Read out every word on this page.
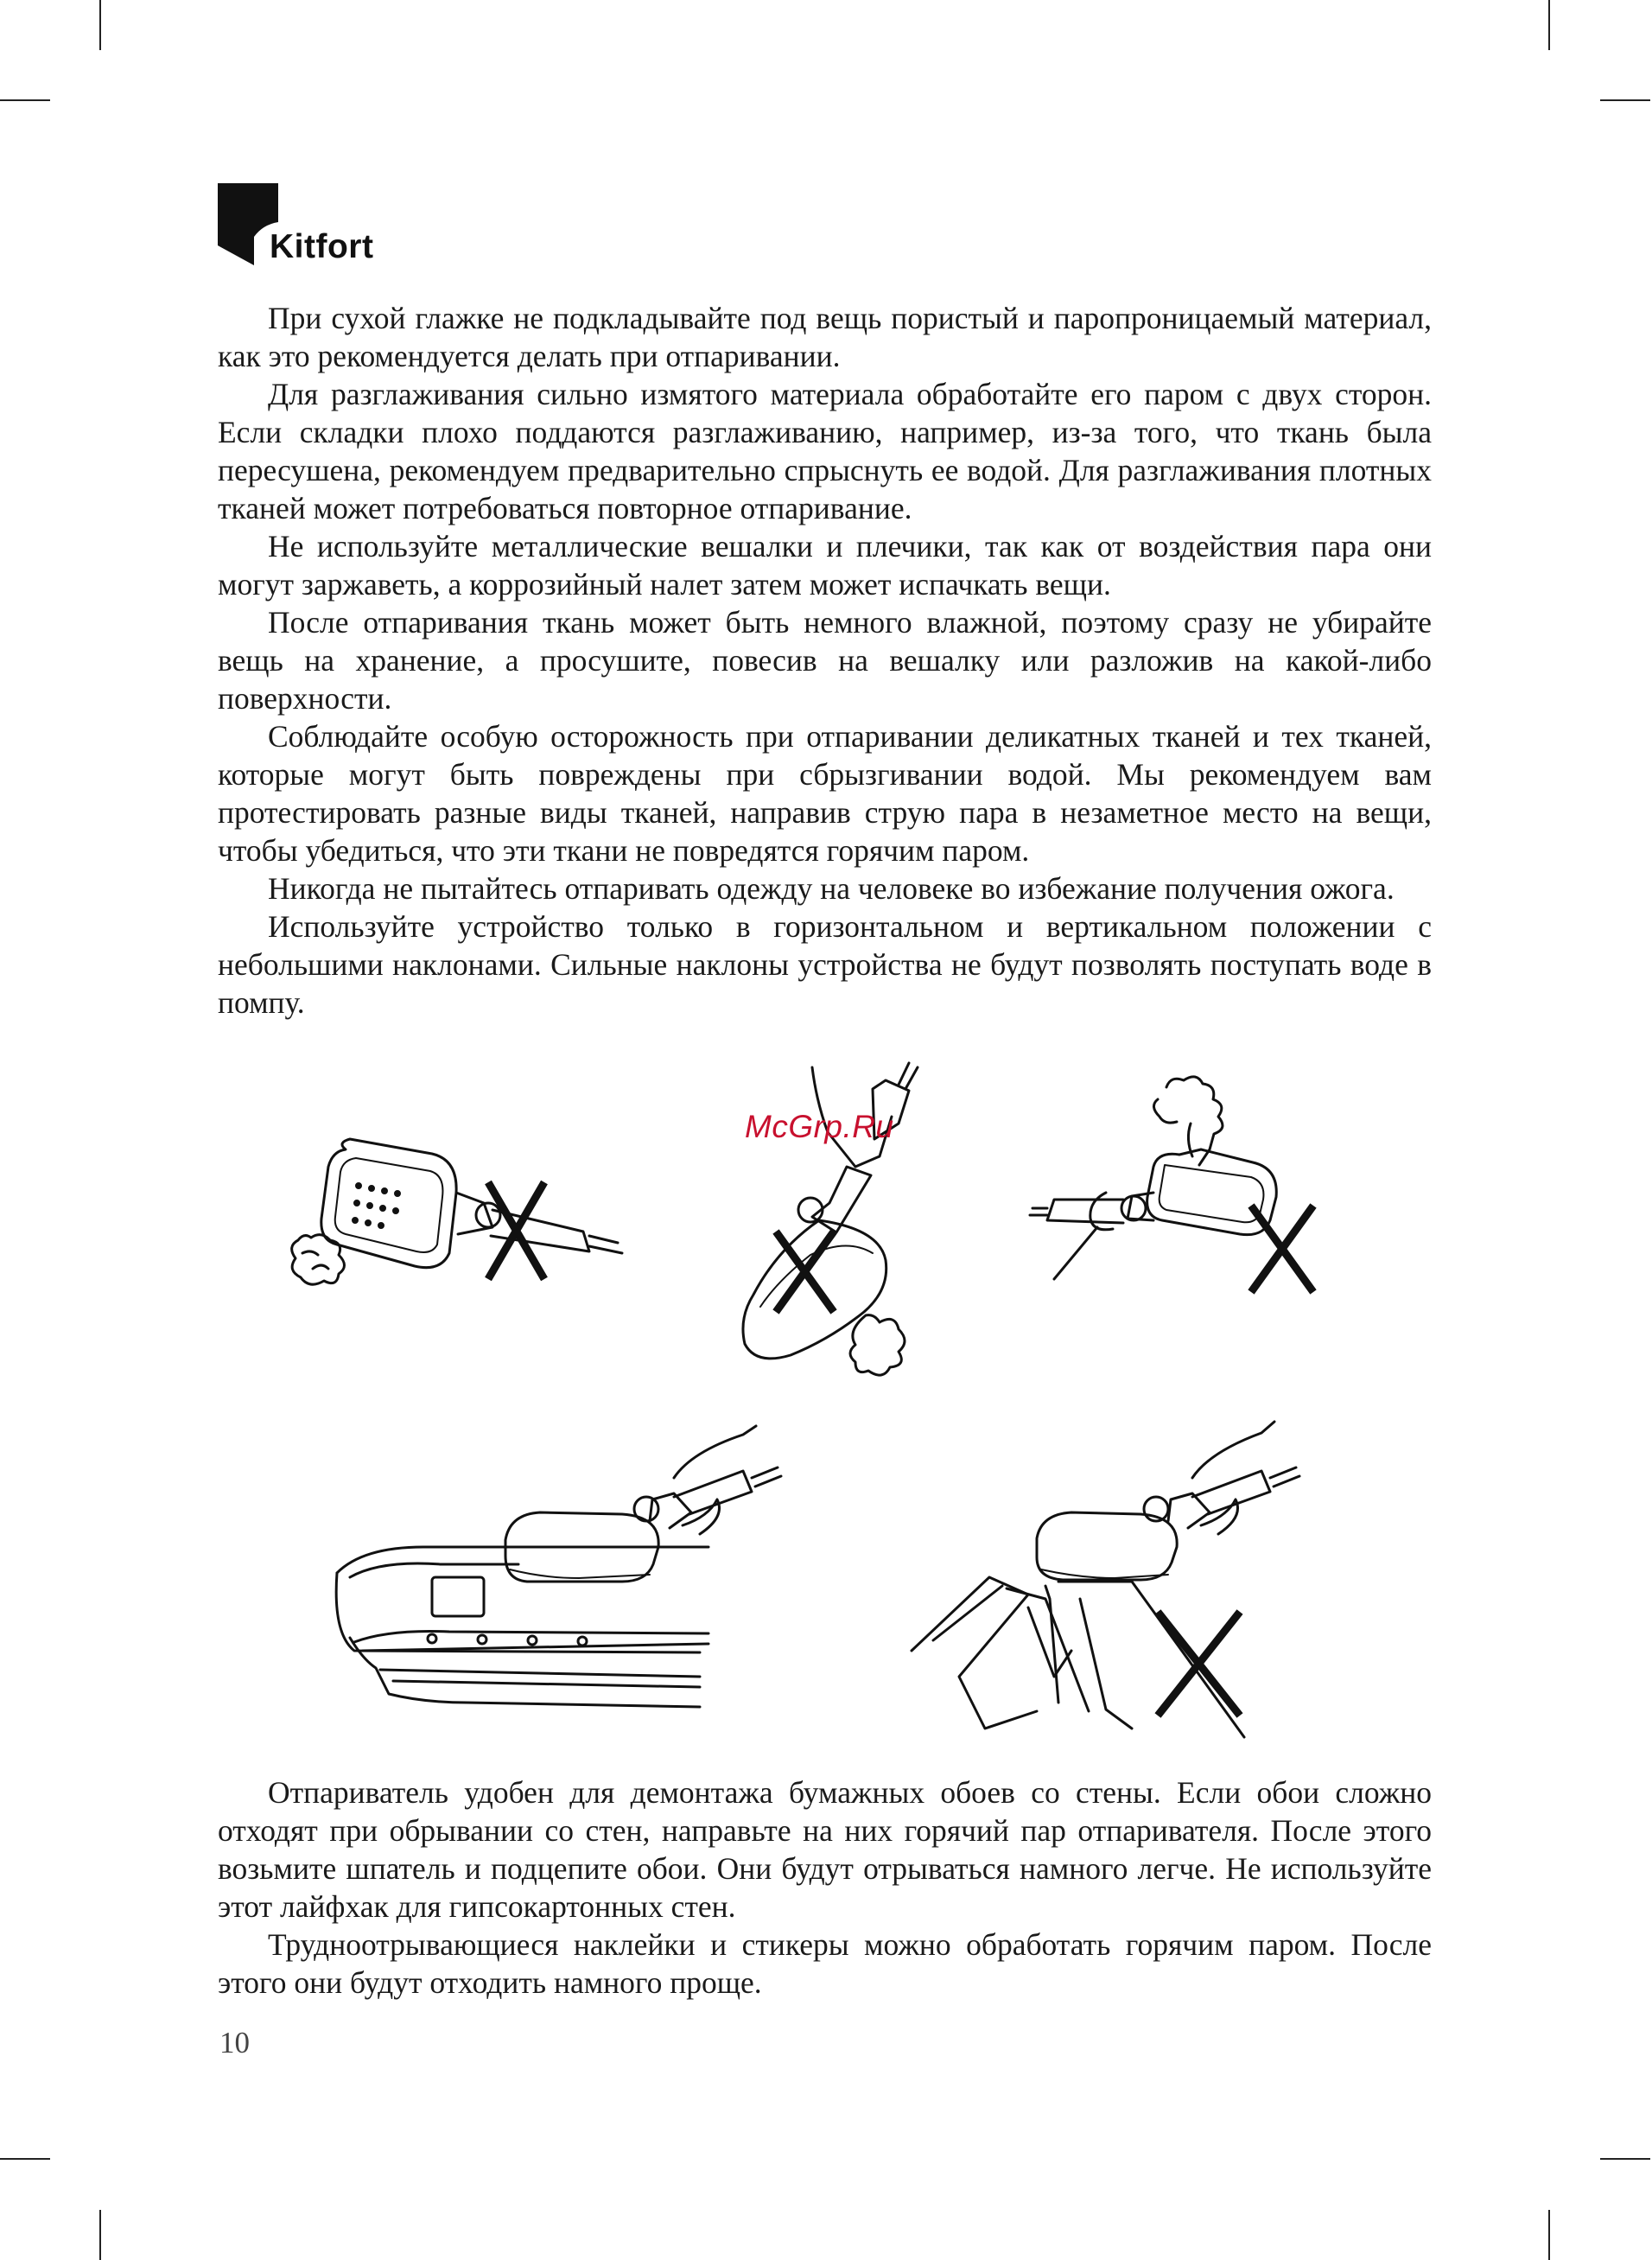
Kitfort

При сухой глажке не подкладывайте под вещь пористый и паропроницаемый материал, как это рекомендуется делать при отпаривании.

Для разглаживания сильно измятого материала обработайте его паром с двух сторон. Если складки плохо поддаются разглаживанию, например, из-за того, что ткань была пересушена, рекомендуем предварительно спрыснуть ее водой. Для разглаживания плотных тканей может потребоваться повторное отпаривание.

Не используйте металлические вешалки и плечики, так как от воздействия пара они могут заржаветь, а коррозийный налет затем может испачкать вещи.

После отпаривания ткань может быть немного влажной, поэтому сразу не убирайте вещь на хранение, а просушите, повесив на вешалку или разложив на какой-либо поверхности.

Соблюдайте особую осторожность при отпаривании деликатных тканей и тех тканей, которые могут быть повреждены при сбрызгивании водой. Мы рекомендуем вам протестировать разные виды тканей, направив струю пара в незаметное место на вещи, чтобы убедиться, что эти ткани не повредятся горячим паром.

Никогда не пытайтесь отпаривать одежду на человеке во избежание получения ожога.

Используйте устройство только в горизонтальном и вертикальном положении с небольшими наклонами. Сильные наклоны устройства не будут позволять поступать воде в помпу.

McGrp.Ru

Отпариватель удобен для демонтажа бумажных обоев со стены. Если обои сложно отходят при обрывании со стен, направьте на них горячий пар отпаривателя. После этого возьмите шпатель и подцепите обои. Они будут отрываться намного легче. Не используйте этот лайфхак для гипсокартонных стен.

Трудноотрывающиеся наклейки и стикеры можно обработать горячим паром. После этого они будут отходить намного проще.

10
